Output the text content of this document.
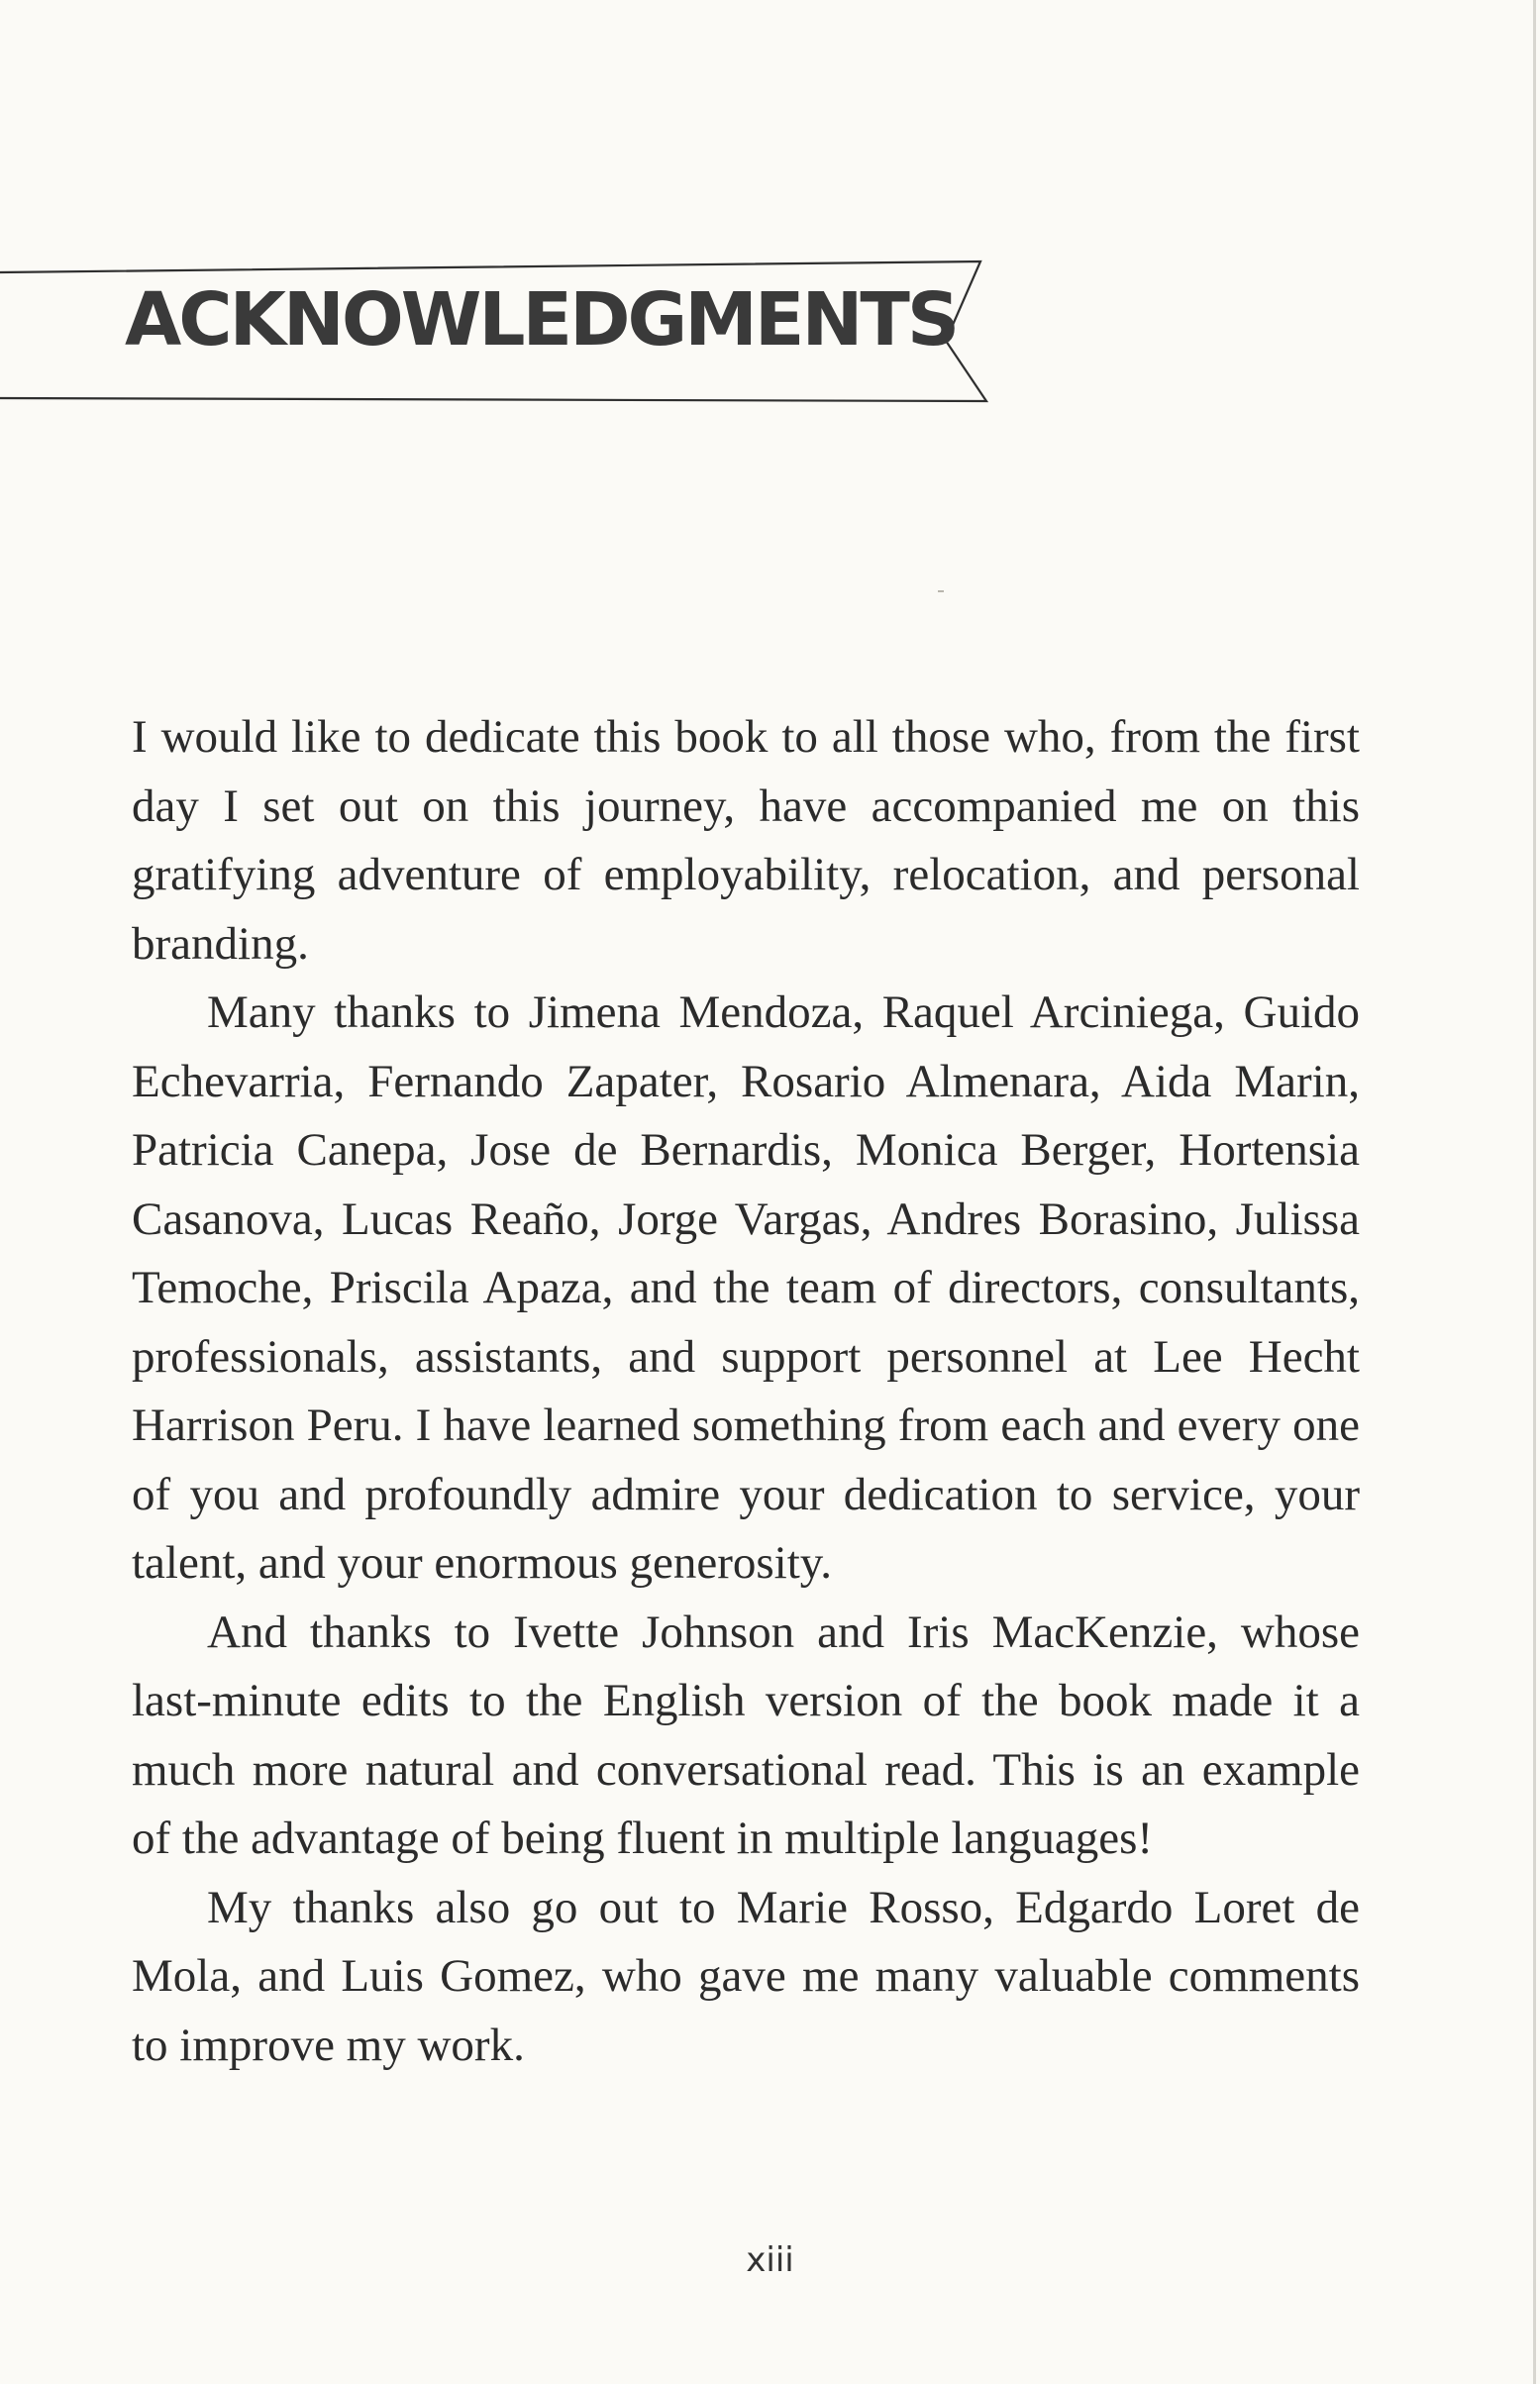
ACKNOWLEDGMENTS

I would like to dedicate this book to all those who, from the first day I set out on this journey, have accompanied me on this gratifying adventure of employability, relocation, and personal branding.

Many thanks to Jimena Mendoza, Raquel Arciniega, Guido Echevarria, Fernando Zapater, Rosario Almenara, Aida Marin, Patricia Canepa, Jose de Bernardis, Monica Berger, Hortensia Casanova, Lucas Reaño, Jorge Vargas, Andres Borasino, Julissa Temoche, Priscila Apaza, and the team of directors, consultants, professionals, assistants, and support personnel at Lee Hecht Harrison Peru. I have learned something from each and every one of you and profoundly admire your dedication to service, your talent, and your enormous generosity.

And thanks to Ivette Johnson and Iris MacKenzie, whose last-minute edits to the English version of the book made it a much more natural and conversational read. This is an example of the advantage of being fluent in multiple languages!

My thanks also go out to Marie Rosso, Edgardo Loret de Mola, and Luis Gomez, who gave me many valuable comments to improve my work.

xiii
